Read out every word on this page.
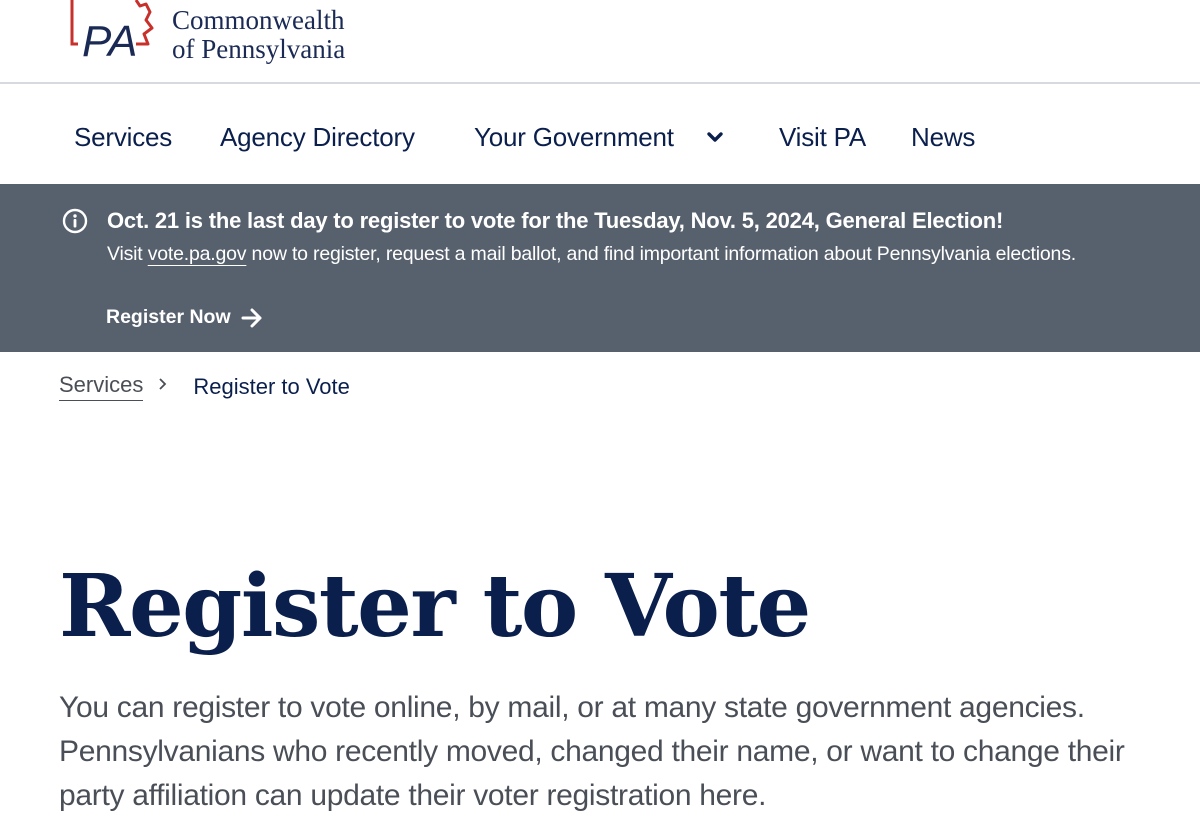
PA Commonwealth
of Pennsylvania
Services Agency Directory Your Government	Visit PA News
Oct. 21 is the last day to register to vote for the Tuesday, Nov. 5, 2024, General Election!
Visit vote.pa.gov now to register, request a mail ballot, and find important information about Pennsylvania elections.
Register Now
Services Register to Vote
Register to Vote

You can register to vote online, by mail, or at many state government agencies. Pennsylvanians who recently moved, changed their name, or want to change their party affiliation can update their voter registration here.
